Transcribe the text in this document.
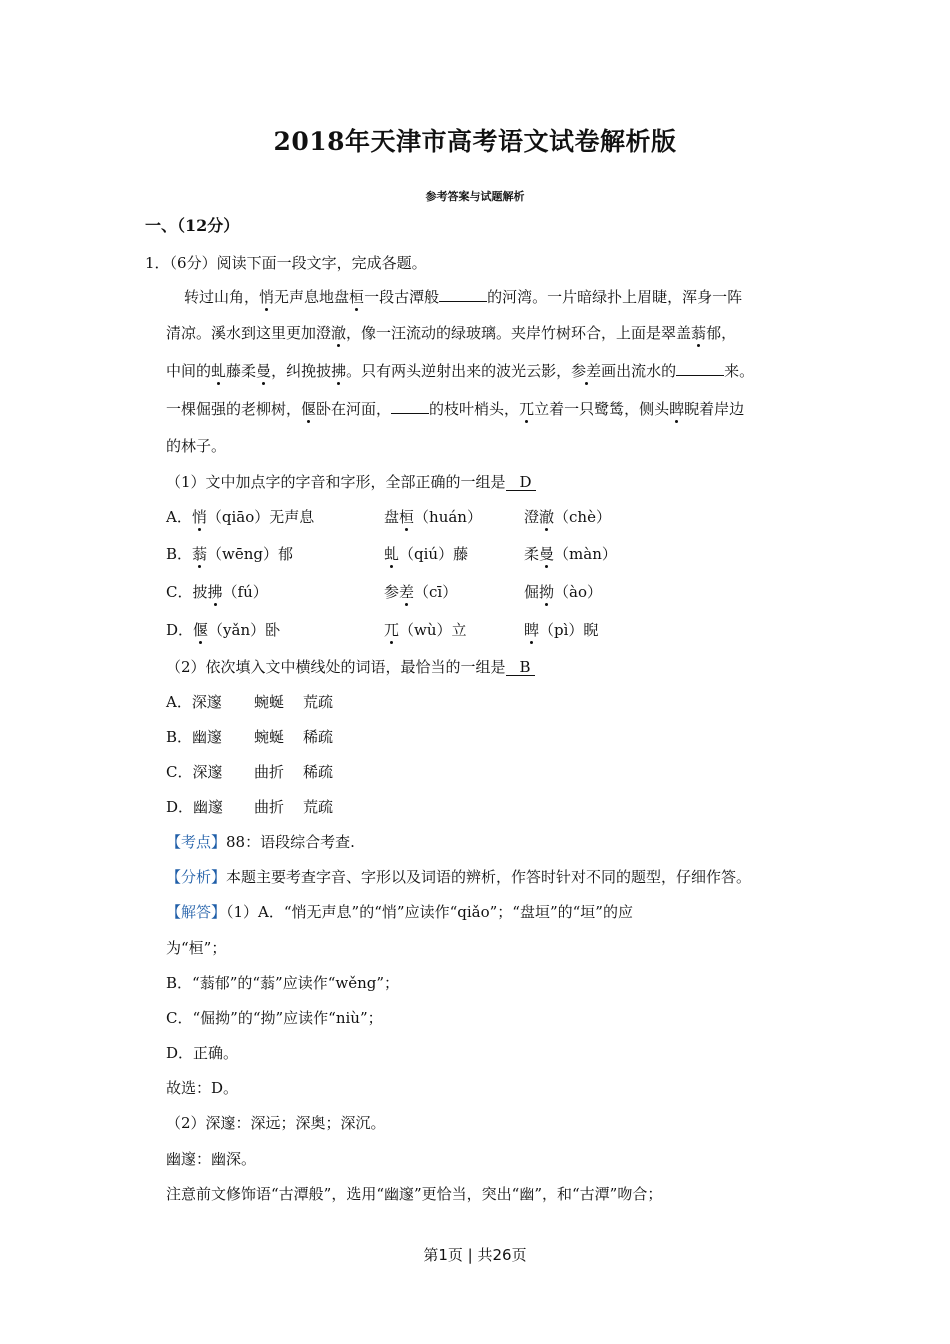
2018年天津市高考语文试卷解析版
参考答案与试题解析
一、（12分）
1．（6分）阅读下面一段文字，完成各题。
转过山角，悄无声息地盘桓一段古潭般	的河湾。一片暗绿扑上眉睫，浑身一阵
清凉。溪水到这里更加澄澈，像一汪流动的绿玻璃。夹岸竹树环合，上面是翠盖蓊郁，
中间的虬藤柔曼，纠挽披拂。只有两头逆射出来的波光云影，参差画出流水的	来。
一棵倔强的老柳树，偃卧在河面，	的枝叶梢头，兀立着一只鹭鸶，侧头睥睨着岸边
的林子。
（1）文中加点字的字音和字形，全部正确的一组是 D
A．悄（qiāo）无声息	盘桓（huán）	澄澈（chè）
B．蓊（wēng）郁	虬（qiú）藤	柔曼（màn）
C．披拂（fú）	参差（cī）	倔拗（ào）
D．偃（yǎn）卧	兀（wù）立	睥（pì）睨
（2）依次填入文中横线处的词语，最恰当的一组是 B
A．深邃 蜿蜒 荒疏
B．幽邃 蜿蜒 稀疏
C．深邃 曲折 稀疏
D．幽邃 曲折 荒疏
【考点】88：语段综合考查.
【分析】本题主要考查字音、字形以及词语的辨析，作答时针对不同的题型，仔细作答。
【解答】（1）A．“悄无声息”的“悄”应读作“qiǎo”；“盘垣”的“垣”的应
为“桓”；
B．“蓊郁”的“蓊”应读作“wěng”；
C．“倔拗”的“拗”应读作“niù”；
D．正确。
故选：D。
（2）深邃：深远；深奥；深沉。
幽邃：幽深。
注意前文修饰语“古潭般”，选用“幽邃”更恰当，突出“幽”，和“古潭”吻合；
第1页 | 共26页
